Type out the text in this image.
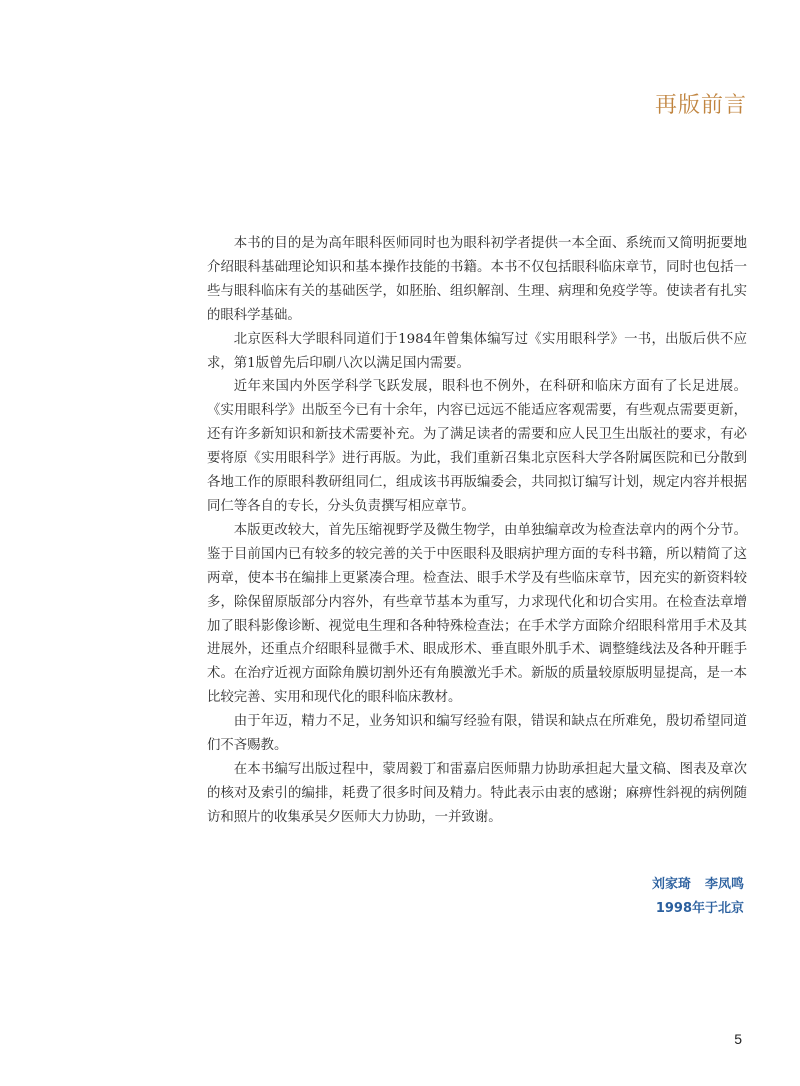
再版前言

本书的目的是为高年眼科医师同时也为眼科初学者提供一本全面、系统而又简明扼要地介绍眼科基础理论知识和基本操作技能的书籍。本书不仅包括眼科临床章节，同时也包括一些与眼科临床有关的基础医学，如胚胎、组织解剖、生理、病理和免疫学等。使读者有扎实的眼科学基础。

北京医科大学眼科同道们于1984年曾集体编写过《实用眼科学》一书，出版后供不应求，第1版曾先后印刷八次以满足国内需要。

近年来国内外医学科学飞跃发展，眼科也不例外，在科研和临床方面有了长足进展。《实用眼科学》出版至今已有十余年，内容已远远不能适应客观需要，有些观点需要更新，还有许多新知识和新技术需要补充。为了满足读者的需要和应人民卫生出版社的要求，有必要将原《实用眼科学》进行再版。为此，我们重新召集北京医科大学各附属医院和已分散到各地工作的原眼科教研组同仁，组成该书再版编委会，共同拟订编写计划，规定内容并根据同仁等各自的专长，分头负责撰写相应章节。

本版更改较大，首先压缩视野学及微生物学，由单独编章改为检查法章内的两个分节。鉴于目前国内已有较多的较完善的关于中医眼科及眼病护理方面的专科书籍，所以精简了这两章，使本书在编排上更紧凑合理。检查法、眼手术学及有些临床章节，因充实的新资料较多，除保留原版部分内容外，有些章节基本为重写，力求现代化和切合实用。在检查法章增加了眼科影像诊断、视觉电生理和各种特殊检查法；在手术学方面除介绍眼科常用手术及其进展外，还重点介绍眼科显微手术、眼成形术、垂直眼外肌手术、调整缝线法及各种开睚手术。在治疗近视方面除角膜切割外还有角膜激光手术。新版的质量较原版明显提高，是一本比较完善、实用和现代化的眼科临床教材。

由于年迈，精力不足，业务知识和编写经验有限，错误和缺点在所难免，殷切希望同道们不吝赐教。

在本书编写出版过程中，蒙周毅丁和雷嘉启医师鼎力协助承担起大量文稿、图表及章次的核对及索引的编排，耗费了很多时间及精力。特此表示由衷的感谢；麻痹性斜视的病例随访和照片的收集承吴夕医师大力协助，一并致谢。

刘家琦 李凤鸣
1998年于北京
5
